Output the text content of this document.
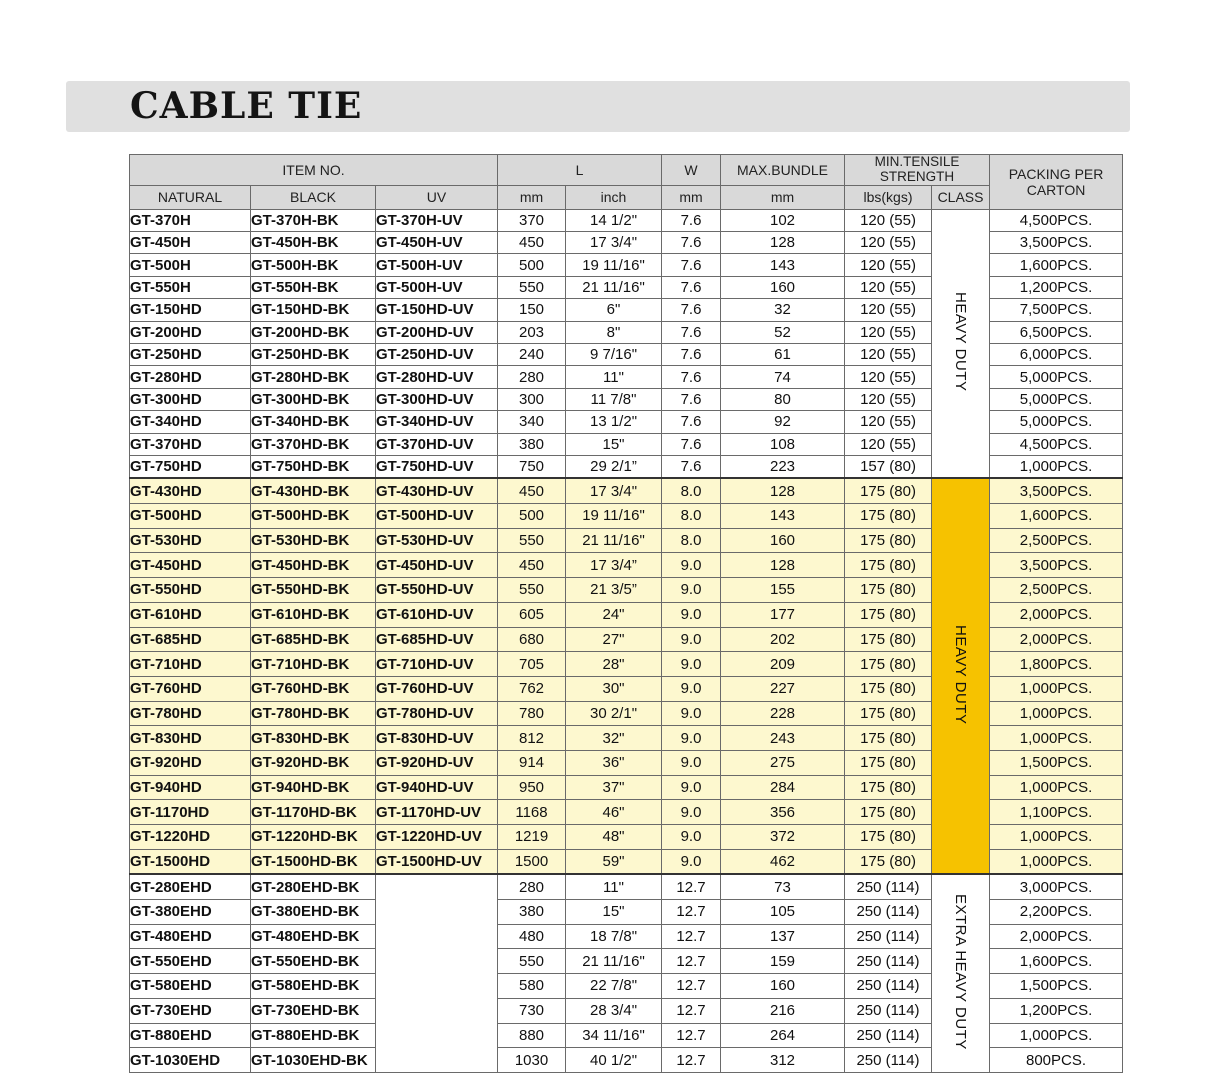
CABLE TIE
ITEM NO.			L		W	MAX.BUNDLE	MIN.TENSILE STRENGTH		PACKING PER CARTON
NATURAL	BLACK	UV	mm	inch	mm	mm	lbs(kgs)	CLASS	
GT-370H	GT-370H-BK	GT-370H-UV	370	14 1/2"	7.6	102	120 (55)	HEAVY DUTY	4,500PCS.
GT-450H	GT-450H-BK	GT-450H-UV	450	17 3/4"	7.6	128	120 (55)		3,500PCS.
GT-500H	GT-500H-BK	GT-500H-UV	500	19 11/16"	7.6	143	120 (55)		1,600PCS.
GT-550H	GT-550H-BK	GT-500H-UV	550	21 11/16"	7.6	160	120 (55)		1,200PCS.
GT-150HD	GT-150HD-BK	GT-150HD-UV	150	6"	7.6	32	120 (55)		7,500PCS.
GT-200HD	GT-200HD-BK	GT-200HD-UV	203	8"	7.6	52	120 (55)		6,500PCS.
GT-250HD	GT-250HD-BK	GT-250HD-UV	240	9 7/16"	7.6	61	120 (55)		6,000PCS.
GT-280HD	GT-280HD-BK	GT-280HD-UV	280	11"	7.6	74	120 (55)		5,000PCS.
GT-300HD	GT-300HD-BK	GT-300HD-UV	300	11 7/8"	7.6	80	120 (55)		5,000PCS.
GT-340HD	GT-340HD-BK	GT-340HD-UV	340	13 1/2"	7.6	92	120 (55)		5,000PCS.
GT-370HD	GT-370HD-BK	GT-370HD-UV	380	15"	7.6	108	120 (55)		4,500PCS.
GT-750HD	GT-750HD-BK	GT-750HD-UV	750	29 2/1”	7.6	223	157 (80)		1,000PCS.
GT-430HD	GT-430HD-BK	GT-430HD-UV	450	17 3/4"	8.0	128	175 (80)	HEAVY DUTY	3,500PCS.
GT-500HD	GT-500HD-BK	GT-500HD-UV	500	19 11/16"	8.0	143	175 (80)		1,600PCS.
GT-530HD	GT-530HD-BK	GT-530HD-UV	550	21 11/16"	8.0	160	175 (80)		2,500PCS.
GT-450HD	GT-450HD-BK	GT-450HD-UV	450	17 3/4”	9.0	128	175 (80)		3,500PCS.
GT-550HD	GT-550HD-BK	GT-550HD-UV	550	21 3/5”	9.0	155	175 (80)		2,500PCS.
GT-610HD	GT-610HD-BK	GT-610HD-UV	605	24"	9.0	177	175 (80)		2,000PCS.
GT-685HD	GT-685HD-BK	GT-685HD-UV	680	27"	9.0	202	175 (80)		2,000PCS.
GT-710HD	GT-710HD-BK	GT-710HD-UV	705	28"	9.0	209	175 (80)		1,800PCS.
GT-760HD	GT-760HD-BK	GT-760HD-UV	762	30"	9.0	227	175 (80)		1,000PCS.
GT-780HD	GT-780HD-BK	GT-780HD-UV	780	30 2/1"	9.0	228	175 (80)		1,000PCS.
GT-830HD	GT-830HD-BK	GT-830HD-UV	812	32"	9.0	243	175 (80)		1,000PCS.
GT-920HD	GT-920HD-BK	GT-920HD-UV	914	36"	9.0	275	175 (80)		1,500PCS.
GT-940HD	GT-940HD-BK	GT-940HD-UV	950	37"	9.0	284	175 (80)		1,000PCS.
GT-1170HD	GT-1170HD-BK	GT-1170HD-UV	1168	46"	9.0	356	175 (80)		1,100PCS.
GT-1220HD	GT-1220HD-BK	GT-1220HD-UV	1219	48"	9.0	372	175 (80)		1,000PCS.
GT-1500HD	GT-1500HD-BK	GT-1500HD-UV	1500	59"	9.0	462	175 (80)		1,000PCS.
GT-280EHD	GT-280EHD-BK		280	11"	12.7	73	250 (114)	EXTRA HEAVY DUTY	3,000PCS.
GT-380EHD	GT-380EHD-BK		380	15"	12.7	105	250 (114)		2,200PCS.
GT-480EHD	GT-480EHD-BK		480	18 7/8"	12.7	137	250 (114)		2,000PCS.
GT-550EHD	GT-550EHD-BK		550	21 11/16"	12.7	159	250 (114)		1,600PCS.
GT-580EHD	GT-580EHD-BK		580	22 7/8"	12.7	160	250 (114)		1,500PCS.
GT-730EHD	GT-730EHD-BK		730	28 3/4"	12.7	216	250 (114)		1,200PCS.
GT-880EHD	GT-880EHD-BK		880	34 11/16"	12.7	264	250 (114)		1,000PCS.
GT-1030EHD	GT-1030EHD-BK		1030	40 1/2"	12.7	312	250 (114)		800PCS.
